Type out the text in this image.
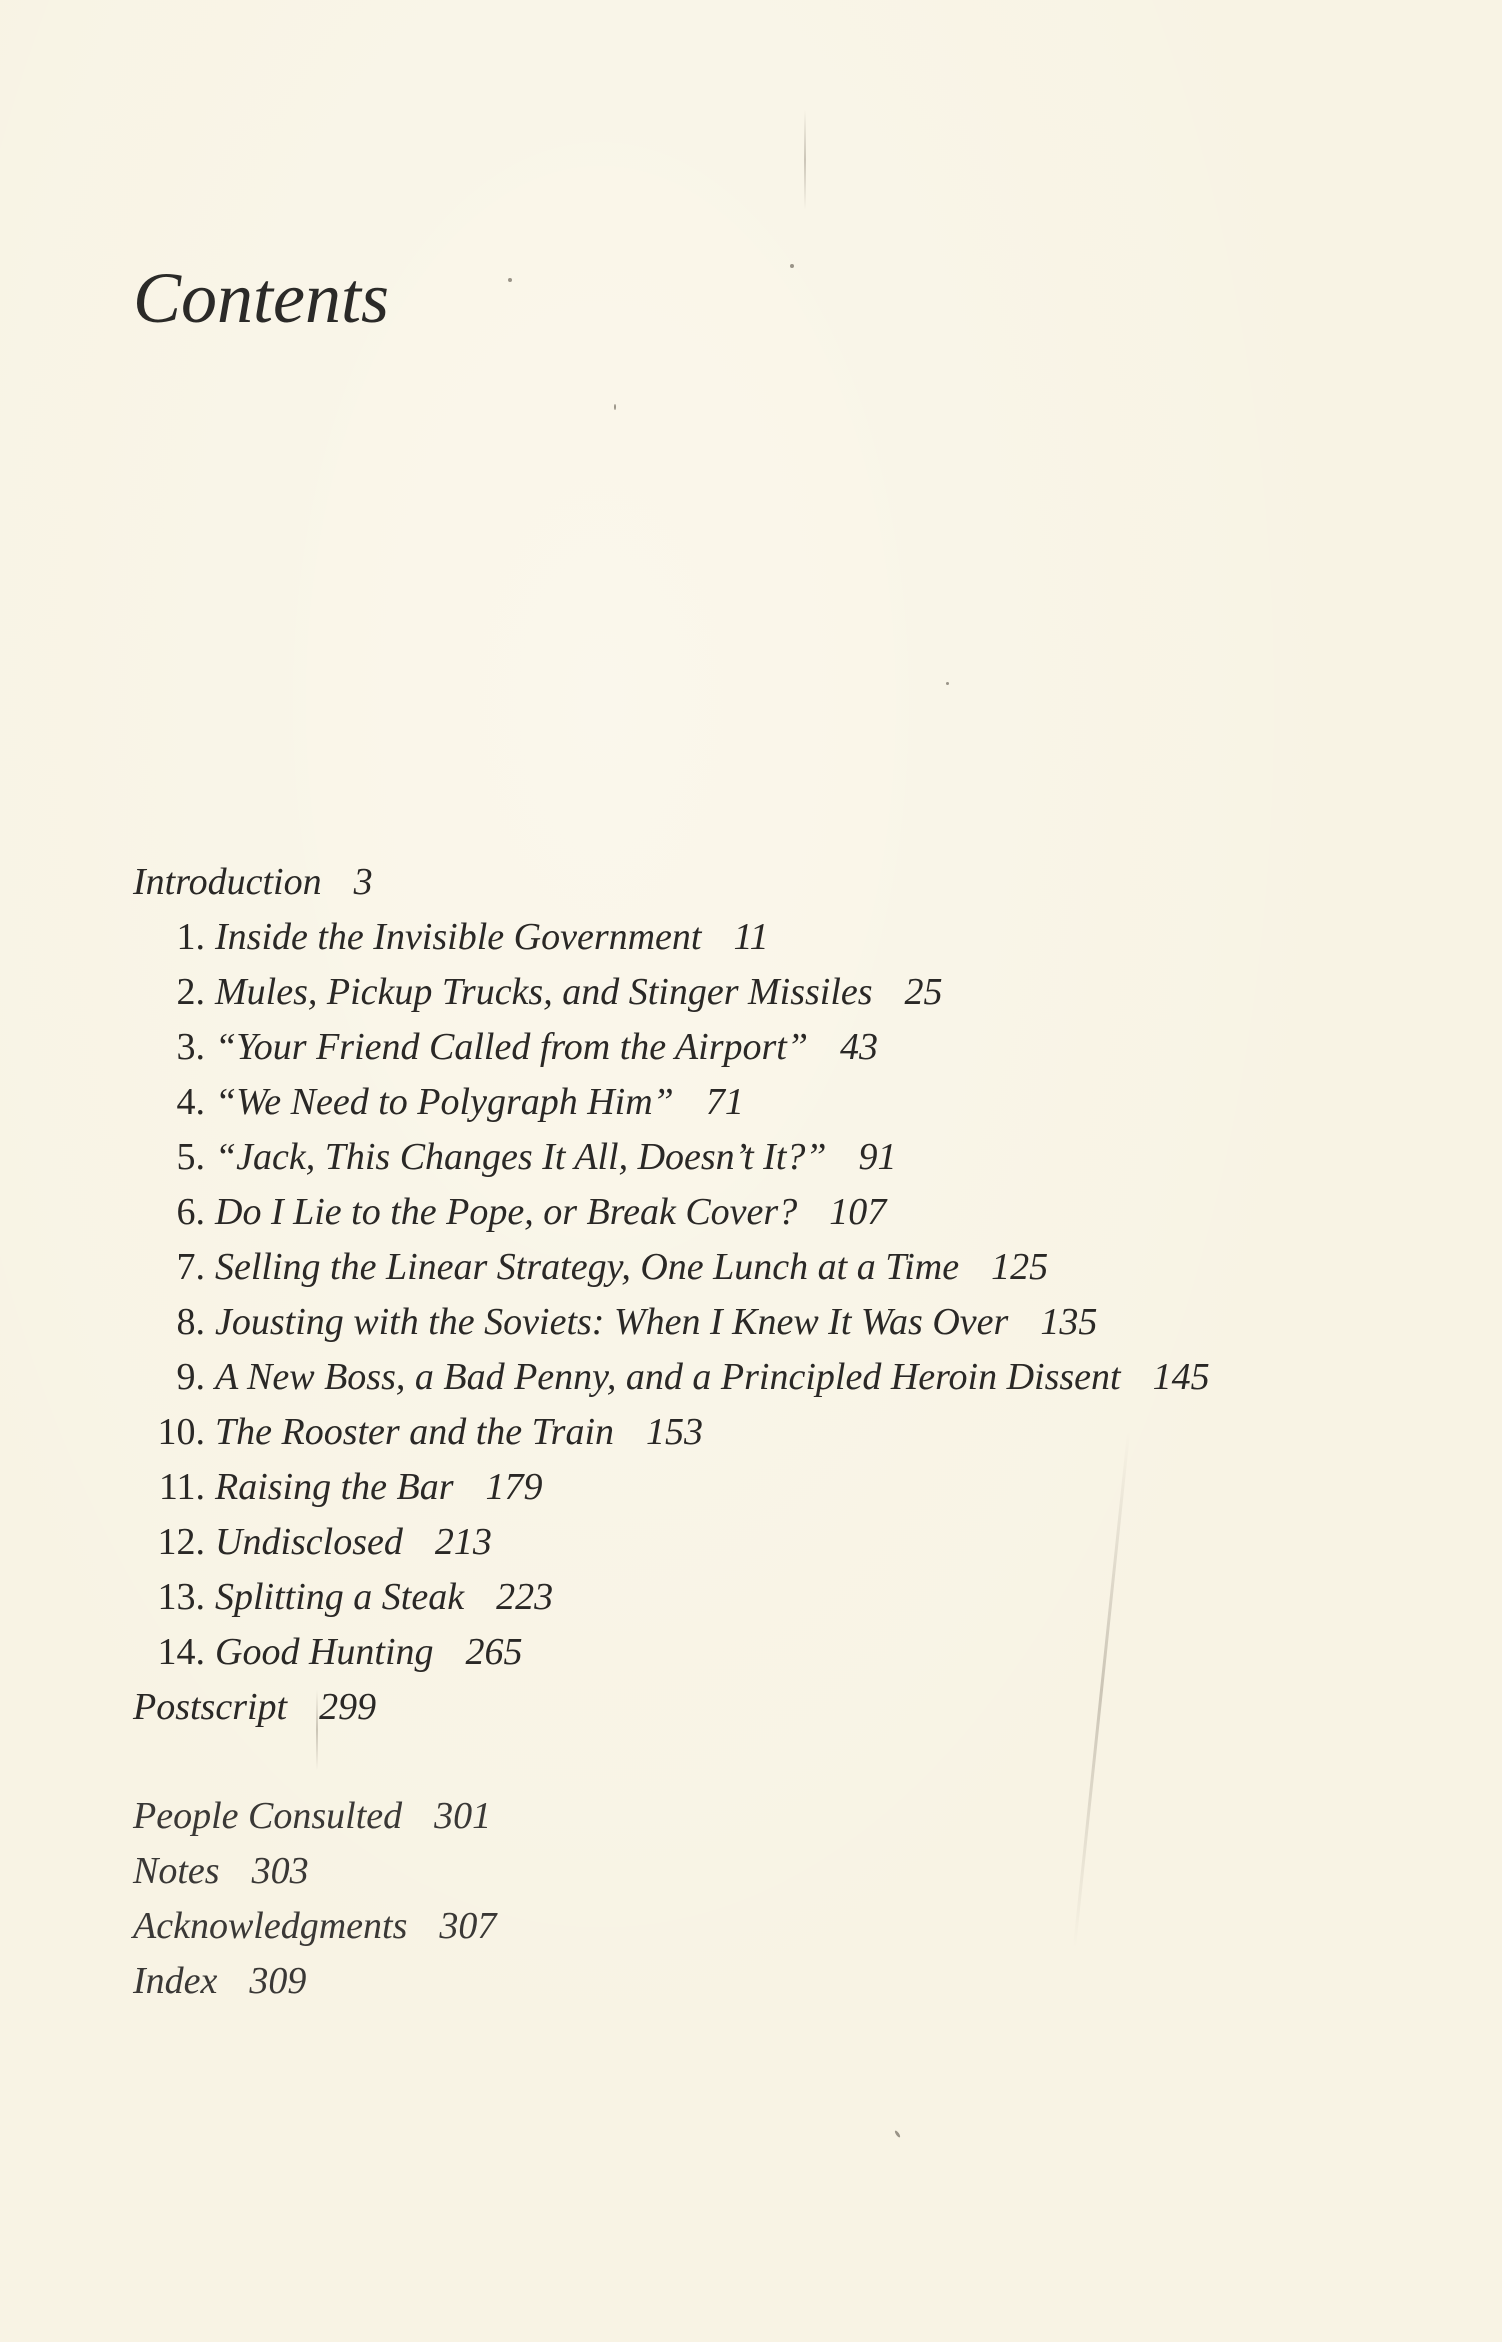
Contents
Introduction 3
1. Inside the Invisible Government 11
2. Mules, Pickup Trucks, and Stinger Missiles 25
3. “Your Friend Called from the Airport” 43
4. “We Need to Polygraph Him” 71
5. “Jack, This Changes It All, Doesn’t It?” 91
6. Do I Lie to the Pope, or Break Cover? 107
7. Selling the Linear Strategy, One Lunch at a Time 125
8. Jousting with the Soviets: When I Knew It Was Over 135
9. A New Boss, a Bad Penny, and a Principled Heroin Dissent 145
10. The Rooster and the Train 153
11. Raising the Bar 179
12. Undisclosed 213
13. Splitting a Steak 223
14. Good Hunting 265
Postscript 299
People Consulted 301
Notes 303
Acknowledgments 307
Index 309
